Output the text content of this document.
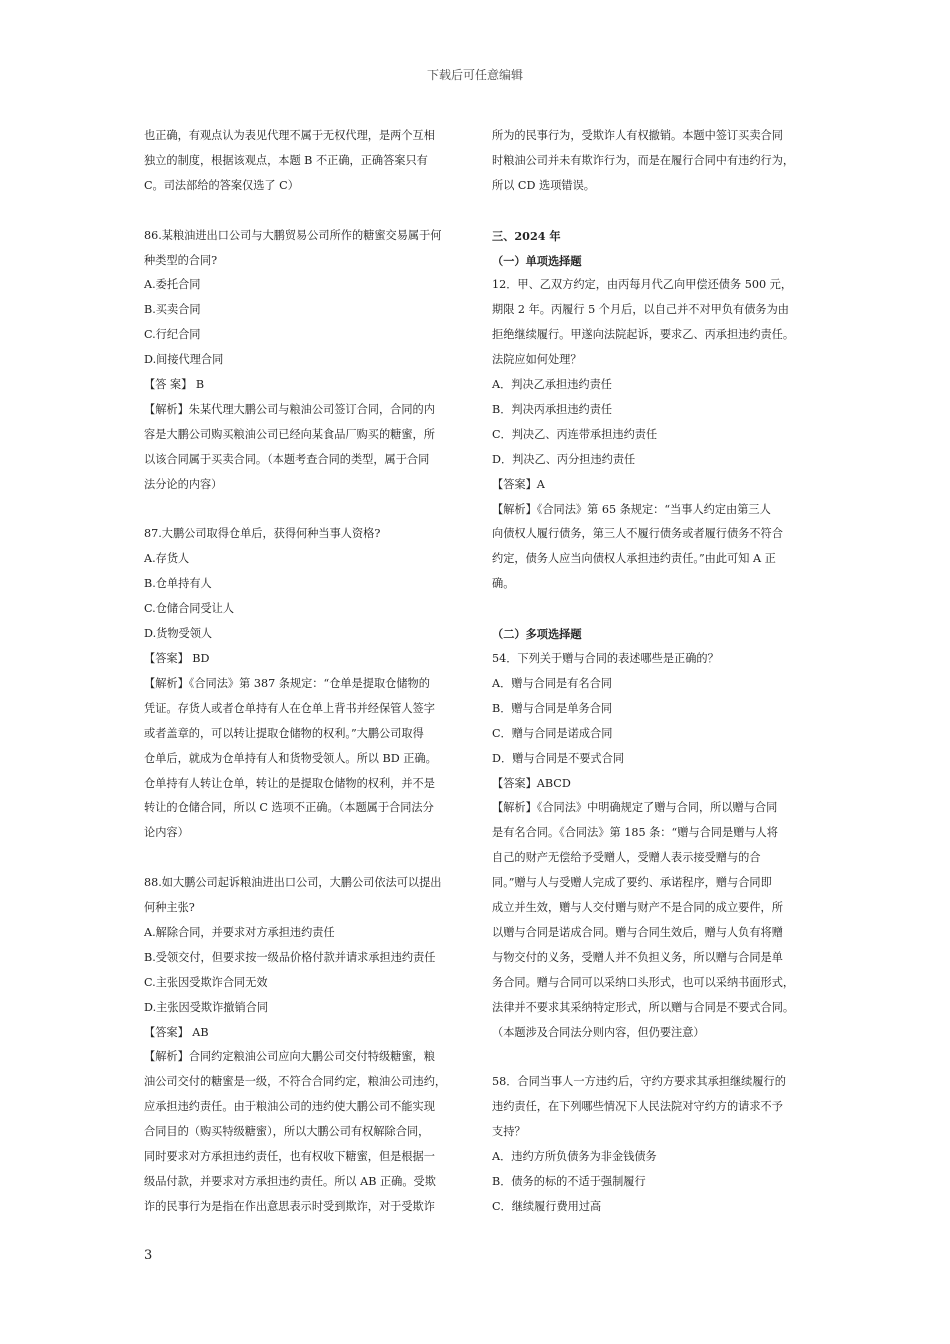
下载后可任意编辑

也正确，有观点认为表见代理不属于无权代理，是两个互相

独立的制度，根据该观点，本题 B 不正确，正确答案只有

C。司法部给的答案仅选了 C）

86.某粮油进出口公司与大鹏贸易公司所作的糖蜜交易属于何

种类型的合同?

A.委托合同

B.买卖合同

C.行纪合同

D.间接代理合同

【答 案】 B

【解析】朱某代理大鹏公司与粮油公司签订合同，合同的内

容是大鹏公司购买粮油公司已经向某食品厂购买的糖蜜，所

以该合同属于买卖合同。（本题考查合同的类型，属于合同

法分论的内容）

87.大鹏公司取得仓单后，获得何种当事人资格?

A.存货人

B.仓单持有人

C.仓储合同受让人

D.货物受领人

【答案】 BD

【解析】《合同法》第 387 条规定：“仓单是提取仓储物的

凭证。存货人或者仓单持有人在仓单上背书并经保管人签字

或者盖章的，可以转让提取仓储物的权利。”大鹏公司取得

仓单后，就成为仓单持有人和货物受领人。所以 BD 正确。

仓单持有人转让仓单，转让的是提取仓储物的权利，并不是

转让的仓储合同，所以 C 选项不正确。（本题属于合同法分

论内容）

88.如大鹏公司起诉粮油进出口公司，大鹏公司依法可以提出

何种主张?

A.解除合同，并要求对方承担违约责任

B.受领交付，但要求按一级品价格付款并请求承担违约责任

C.主张因受欺诈合同无效

D.主张因受欺诈撤销合同

【答案】 AB

【解析】合同约定粮油公司应向大鹏公司交付特级糖蜜，粮

油公司交付的糖蜜是一级，不符合合同约定，粮油公司违约，

应承担违约责任。由于粮油公司的违约使大鹏公司不能实现

合同目的（购买特级糖蜜），所以大鹏公司有权解除合同，

同时要求对方承担违约责任，也有权收下糖蜜，但是根据一

级品付款，并要求对方承担违约责任。所以 AB 正确。受欺

诈的民事行为是指在作出意思表示时受到欺诈，对于受欺诈

所为的民事行为，受欺诈人有权撤销。本题中签订买卖合同

时粮油公司并未有欺诈行为，而是在履行合同中有违约行为，

所以 CD 选项错误。

三、2024 年

（一）单项选择题

12．甲、乙双方约定，由丙每月代乙向甲偿还债务 500 元，

期限 2 年。丙履行 5 个月后，以自己并不对甲负有债务为由

拒绝继续履行。甲遂向法院起诉，要求乙、丙承担违约责任。

法院应如何处理？

A．判决乙承担违约责任

B．判决丙承担违约责任

C．判决乙、丙连带承担违约责任

D．判决乙、丙分担违约责任

【答案】A

【解析】《合同法》第 65 条规定：“当事人约定由第三人

向债权人履行债务，第三人不履行债务或者履行债务不符合

约定，债务人应当向债权人承担违约责任。”由此可知 A 正

确。

（二）多项选择题

54．下列关于赠与合同的表述哪些是正确的？

A．赠与合同是有名合同

B．赠与合同是单务合同

C．赠与合同是诺成合同

D．赠与合同是不要式合同

【答案】ABCD

【解析】《合同法》中明确规定了赠与合同，所以赠与合同

是有名合同。《合同法》第 185 条：“赠与合同是赠与人将

自己的财产无偿给予受赠人，受赠人表示接受赠与的合

同。”赠与人与受赠人完成了要约、承诺程序，赠与合同即

成立并生效，赠与人交付赠与财产不是合同的成立要件，所

以赠与合同是诺成合同。赠与合同生效后，赠与人负有将赠

与物交付的义务，受赠人并不负担义务，所以赠与合同是单

务合同。赠与合同可以采纳口头形式，也可以采纳书面形式，

法律并不要求其采纳特定形式，所以赠与合同是不要式合同。

（本题涉及合同法分则内容，但仍要注意）

58．合同当事人一方违约后，守约方要求其承担继续履行的

违约责任，在下列哪些情况下人民法院对守约方的请求不予

支持？

A．违约方所负债务为非金钱债务

B．债务的标的不适于强制履行

C．继续履行费用过高

3
